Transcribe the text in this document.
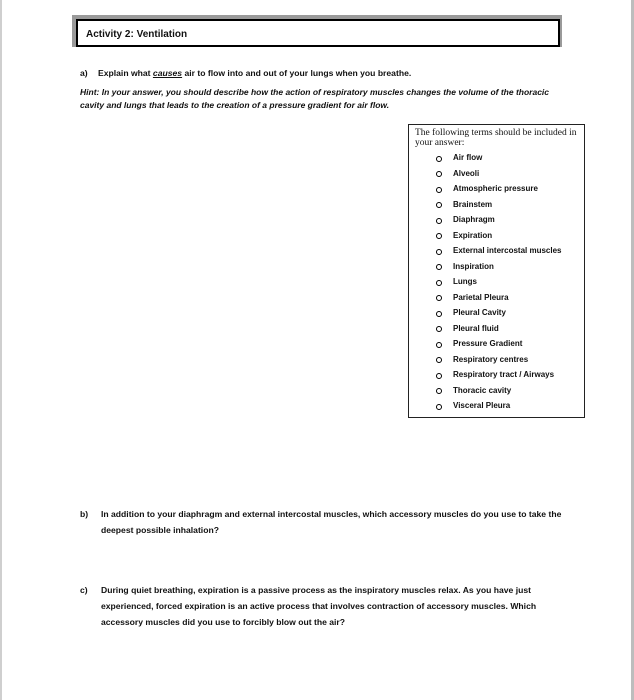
Activity 2: Ventilation
a) Explain what causes air to flow into and out of your lungs when you breathe.
Hint: In your answer, you should describe how the action of respiratory muscles changes the volume of the thoracic cavity and lungs that leads to the creation of a pressure gradient for air flow.

The following terms should be included in your answer:

Air flow
Alveoli
Atmospheric pressure
Brainstem
Diaphragm
Expiration
External intercostal muscles
Inspiration
Lungs
Parietal Pleura
Pleural Cavity
Pleural fluid
Pressure Gradient
Respiratory centres
Respiratory tract / Airways
Thoracic cavity
Visceral Pleura
b)	In addition to your diaphragm and external intercostal muscles, which accessory muscles do you use to take the deepest possible inhalation?
c)	During quiet breathing, expiration is a passive process as the inspiratory muscles relax. As you have just experienced, forced expiration is an active process that involves contraction of accessory muscles. Which accessory muscles did you use to forcibly blow out the air?
